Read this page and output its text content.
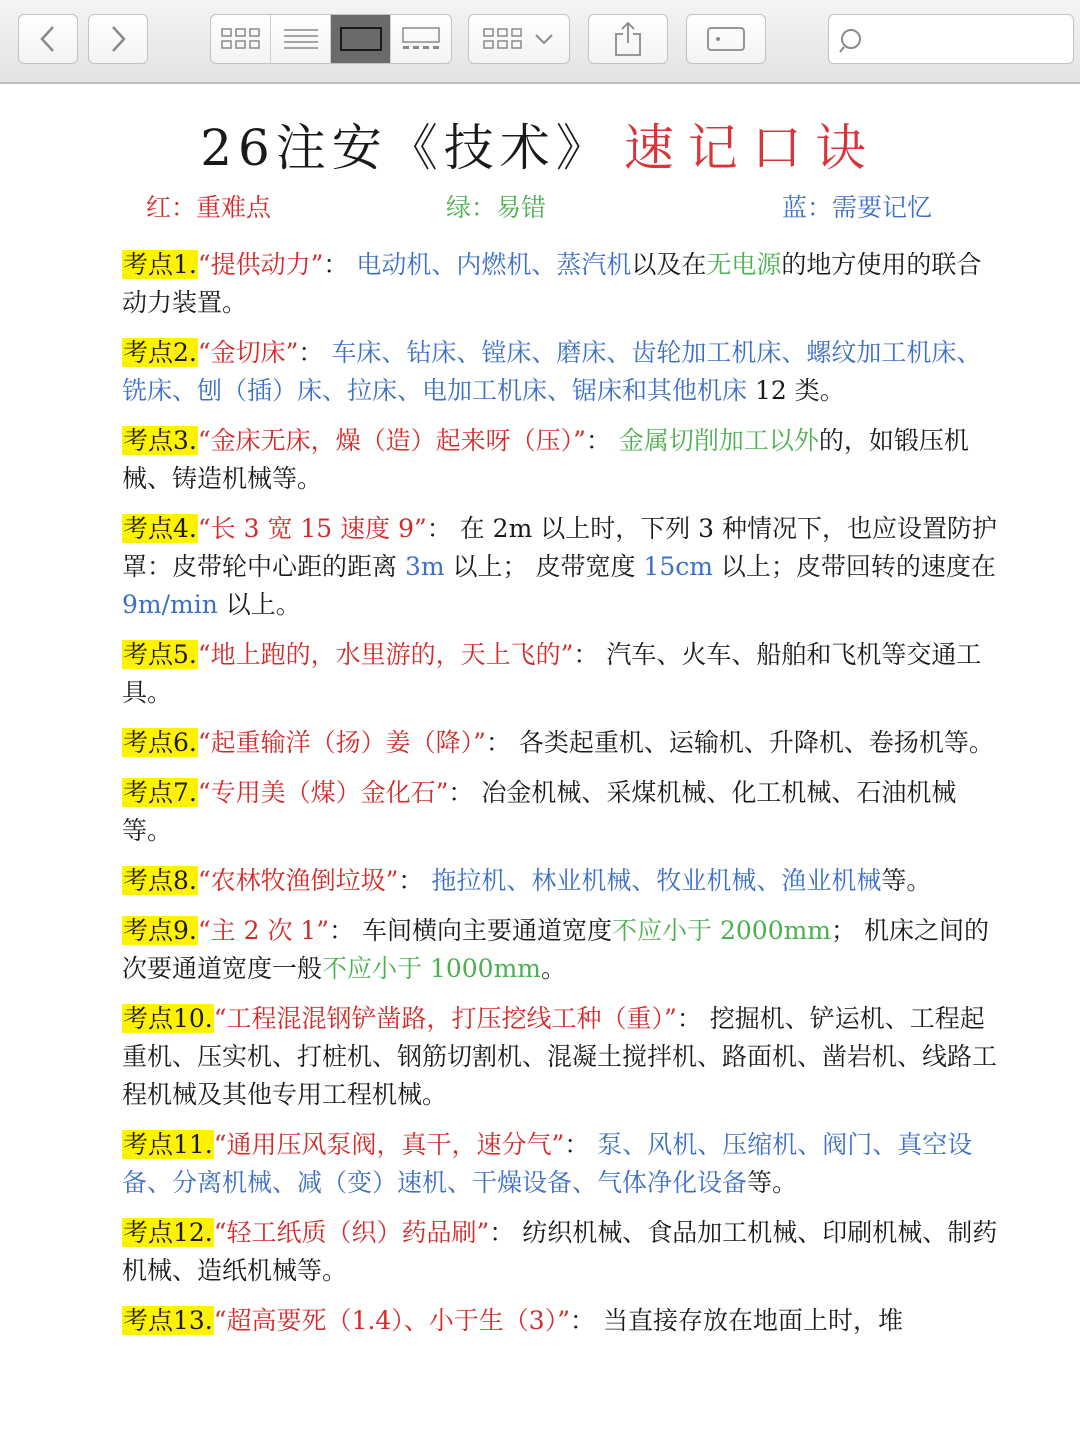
26注安《技术》 速记口诀
红：重难点	绿：易错	蓝：需要记忆

考点1.“提供动力”： 电动机、内燃机、蒸汽机以及在无电源的地方使用的联合动力装置。

考点2.“金切床”： 车床、钻床、镗床、磨床、齿轮加工机床、螺纹加工机床、铣床、刨（插）床、拉床、电加工机床、锯床和其他机床 12 类。

考点3.“金床无床，燥（造）起来呀（压）”： 金属切削加工以外的，如锻压机械、铸造机械等。

考点4.“长 3 宽 15 速度 9”： 在 2m 以上时，下列 3 种情况下，也应设置防护罩：皮带轮中心距的距离 3m 以上； 皮带宽度 15cm 以上；皮带回转的速度在 9m/min 以上。

考点5.“地上跑的，水里游的，天上飞的”： 汽车、火车、船舶和飞机等交通工具。

考点6.“起重输洋（扬）姜（降）”： 各类起重机、运输机、升降机、卷扬机等。

考点7.“专用美（煤）金化石”： 冶金机械、采煤机械、化工机械、石油机械等。

考点8.“农林牧渔倒垃圾”： 拖拉机、林业机械、牧业机械、渔业机械等。

考点9.“主 2 次 1”： 车间横向主要通道宽度不应小于 2000mm； 机床之间的次要通道宽度一般不应小于 1000mm。

考点10.“工程混混钢铲凿路，打压挖线工种（重）”： 挖掘机、铲运机、工程起重机、压实机、打桩机、钢筋切割机、混凝土搅拌机、路面机、凿岩机、线路工程机械及其他专用工程机械。

考点11.“通用压风泵阀，真干，速分气”： 泵、风机、压缩机、阀门、真空设备、分离机械、减（变）速机、干燥设备、气体净化设备等。

考点12.“轻工纸质（织）药品刷”： 纺织机械、食品加工机械、印刷机械、制药机械、造纸机械等。

考点13.“超高要死（1.4）、小于生（3）”： 当直接存放在地面上时，堆
